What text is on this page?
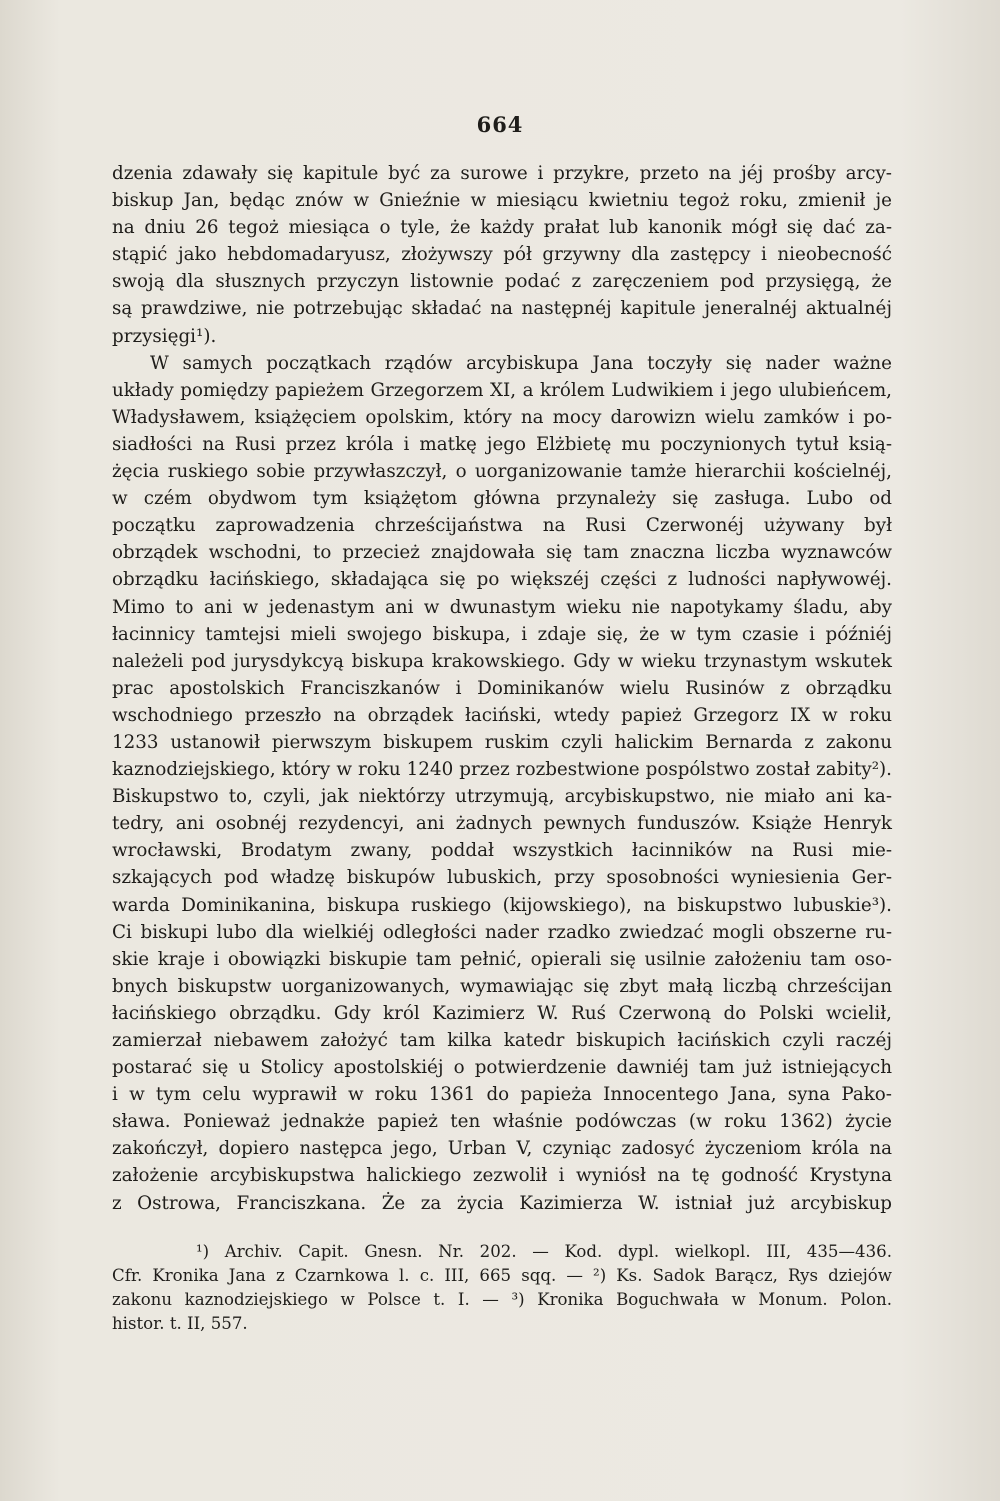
664
dzenia zdawały się kapitule być za surowe i przykre, przeto na jéj prośby arcy-
biskup Jan, będąc znów w Gnieźnie w miesiącu kwietniu tegoż roku, zmienił je
na dniu 26 tegoż miesiąca o tyle, że każdy prałat lub kanonik mógł się dać za-
stąpić jako hebdomadaryusz, złożywszy pół grzywny dla zastępcy i nieobecność
swoją dla słusznych przyczyn listownie podać z zaręczeniem pod przysięgą, że
są prawdziwe, nie potrzebując składać na następnéj kapitule jeneralnéj aktualnéj
przysięgi¹).
W samych początkach rządów arcybiskupa Jana toczyły się nader ważne
układy pomiędzy papieżem Grzegorzem XI, a królem Ludwikiem i jego ulubieńcem,
Władysławem, książęciem opolskim, który na mocy darowizn wielu zamków i po-
siadłości na Rusi przez króla i matkę jego Elżbietę mu poczynionych tytuł ksią-
żęcia ruskiego sobie przywłaszczył, o uorganizowanie tamże hierarchii kościelnéj,
w czém obydwom tym książętom główna przynależy się zasługa. Lubo od
początku zaprowadzenia chrześcijaństwa na Rusi Czerwonéj używany był
obrządek wschodni, to przecież znajdowała się tam znaczna liczba wyznawców
obrządku łacińskiego, składająca się po większéj części z ludności napływowéj.
Mimo to ani w jedenastym ani w dwunastym wieku nie napotykamy śladu, aby
łacinnicy tamtejsi mieli swojego biskupa, i zdaje się, że w tym czasie i późniéj
należeli pod jurysdykcyą biskupa krakowskiego. Gdy w wieku trzynastym wskutek
prac apostolskich Franciszkanów i Dominikanów wielu Rusinów z obrządku
wschodniego przeszło na obrządek łaciński, wtedy papież Grzegorz IX w roku
1233 ustanowił pierwszym biskupem ruskim czyli halickim Bernarda z zakonu
kaznodziejskiego, który w roku 1240 przez rozbestwione pospólstwo został zabity²).
Biskupstwo to, czyli, jak niektórzy utrzymują, arcybiskupstwo, nie miało ani ka-
tedry, ani osobnéj rezydencyi, ani żadnych pewnych funduszów. Książe Henryk
wrocławski, Brodatym zwany, poddał wszystkich łacinników na Rusi mie-
szkających pod władzę biskupów lubuskich, przy sposobności wyniesienia Ger-
warda Dominikanina, biskupa ruskiego (kijowskiego), na biskupstwo lubuskie³).
Ci biskupi lubo dla wielkiéj odległości nader rzadko zwiedzać mogli obszerne ru-
skie kraje i obowiązki biskupie tam pełnić, opierali się usilnie założeniu tam oso-
bnych biskupstw uorganizowanych, wymawiając się zbyt małą liczbą chrześcijan
łacińskiego obrządku. Gdy król Kazimierz W. Ruś Czerwoną do Polski wcielił,
zamierzał niebawem założyć tam kilka katedr biskupich łacińskich czyli raczéj
postarać się u Stolicy apostolskiéj o potwierdzenie dawniéj tam już istniejących
i w tym celu wyprawił w roku 1361 do papieża Innocentego Jana, syna Pako-
sława. Ponieważ jednakże papież ten właśnie podówczas (w roku 1362) życie
zakończył, dopiero następca jego, Urban V, czyniąc zadosyć życzeniom króla na
założenie arcybiskupstwa halickiego zezwolił i wyniósł na tę godność Krystyna
z Ostrowa, Franciszkana. Że za życia Kazimierza W. istniał już arcybiskup
¹) Archiv. Capit. Gnesn. Nr. 202. — Kod. dypl. wielkopl. III, 435—436.
Cfr. Kronika Jana z Czarnkowa l. c. III, 665 sqq. — ²) Ks. Sadok Barącz, Rys dziejów
zakonu kaznodziejskiego w Polsce t. I. — ³) Kronika Boguchwała w Monum. Polon.
histor. t. II, 557.
